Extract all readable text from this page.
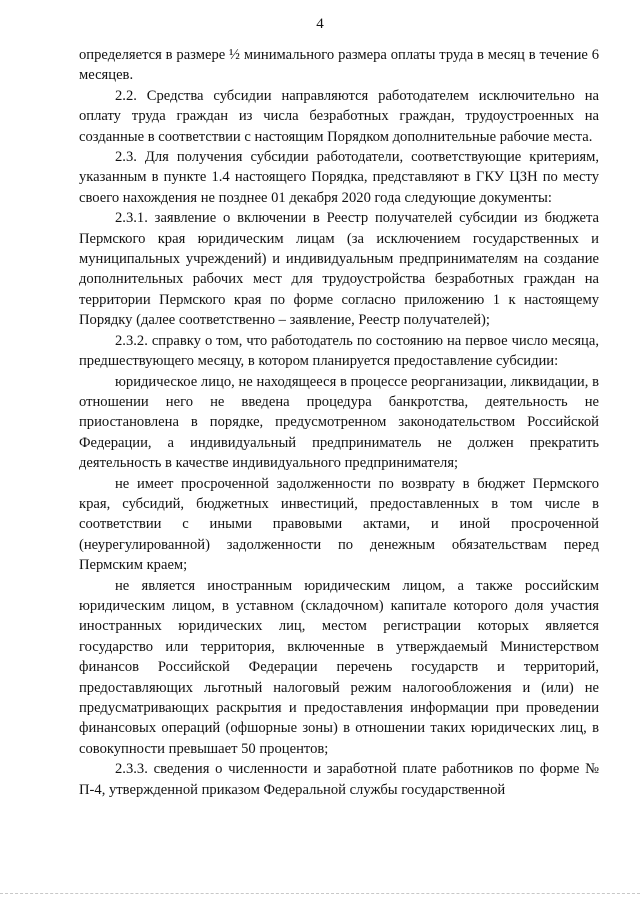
4

определяется в размере ½ минимального размера оплаты труда в месяц в течение 6 месяцев.

2.2. Средства субсидии направляются работодателем исключительно на оплату труда граждан из числа безработных граждан, трудоустроенных на созданные в соответствии с настоящим Порядком дополнительные рабочие места.

2.3. Для получения субсидии работодатели, соответствующие критериям, указанным в пункте 1.4 настоящего Порядка, представляют в ГКУ ЦЗН по месту своего нахождения не позднее 01 декабря 2020 года следующие документы:

2.3.1. заявление о включении в Реестр получателей субсидии из бюджета Пермского края юридическим лицам (за исключением государственных и муниципальных учреждений) и индивидуальным предпринимателям на создание дополнительных рабочих мест для трудоустройства безработных граждан на территории Пермского края по форме согласно приложению 1 к настоящему Порядку (далее соответственно – заявление, Реестр получателей);

2.3.2. справку о том, что работодатель по состоянию на первое число месяца, предшествующего месяцу, в котором планируется предоставление субсидии:

юридическое лицо, не находящееся в процессе реорганизации, ликвидации, в отношении него не введена процедура банкротства, деятельность не приостановлена в порядке, предусмотренном законодательством Российской Федерации, а индивидуальный предприниматель не должен прекратить деятельность в качестве индивидуального предпринимателя;

не имеет просроченной задолженности по возврату в бюджет Пермского края, субсидий, бюджетных инвестиций, предоставленных в том числе в соответствии с иными правовыми актами, и иной просроченной (неурегулированной) задолженности по денежным обязательствам перед Пермским краем;

не является иностранным юридическим лицом, а также российским юридическим лицом, в уставном (складочном) капитале которого доля участия иностранных юридических лиц, местом регистрации которых является государство или территория, включенные в утверждаемый Министерством финансов Российской Федерации перечень государств и территорий, предоставляющих льготный налоговый режим налогообложения и (или) не предусматривающих раскрытия и предоставления информации при проведении финансовых операций (офшорные зоны) в отношении таких юридических лиц, в совокупности превышает 50 процентов;

2.3.3. сведения о численности и заработной плате работников по форме № П-4, утвержденной приказом Федеральной службы государственной
